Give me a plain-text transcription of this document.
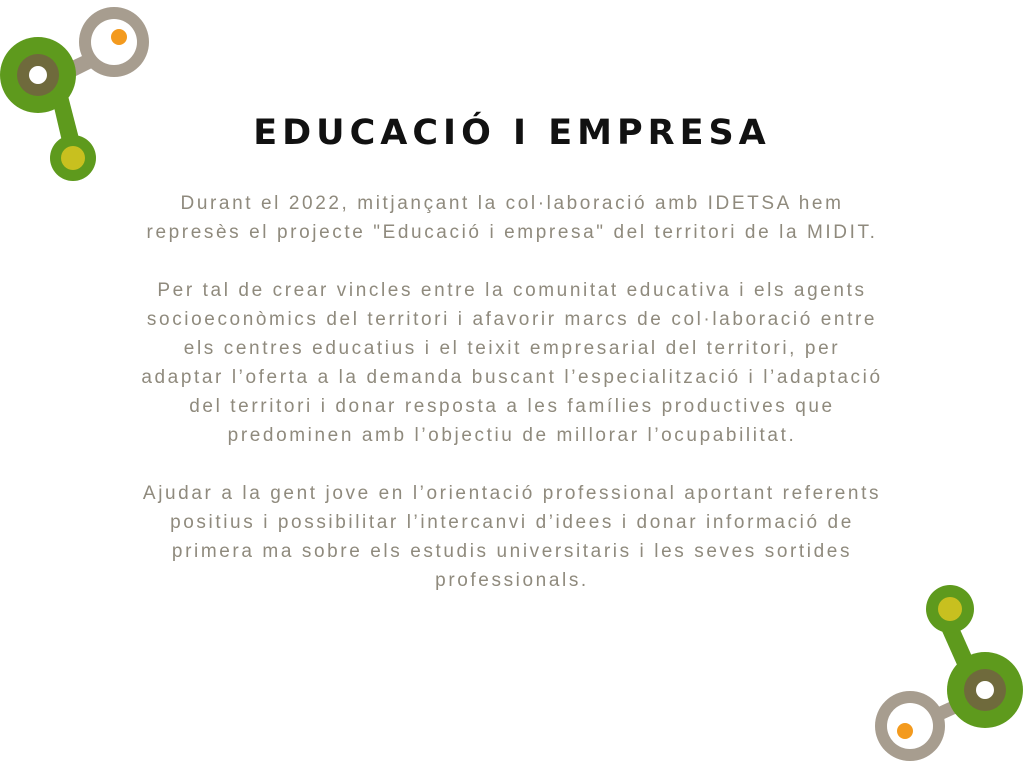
EDUCACIÓ I EMPRESA

Durant el 2022, mitjançant la col·laboració amb IDETSA hem represès el projecte "Educació i empresa" del territori de la MIDIT.

Per tal de crear vincles entre la comunitat educativa i els agents socioeconòmics del territori i afavorir marcs de col·laboració entre els centres educatius i el teixit empresarial del territori, per adaptar l’oferta a la demanda buscant l’especialització i l’adaptació del territori i donar resposta a les famílies productives que predominen amb l’objectiu de millorar l’ocupabilitat.

Ajudar a la gent jove en l’orientació professional aportant referents positius i possibilitar l’intercanvi d’idees i donar informació de primera ma sobre els estudis universitaris i les seves sortides professionals.
